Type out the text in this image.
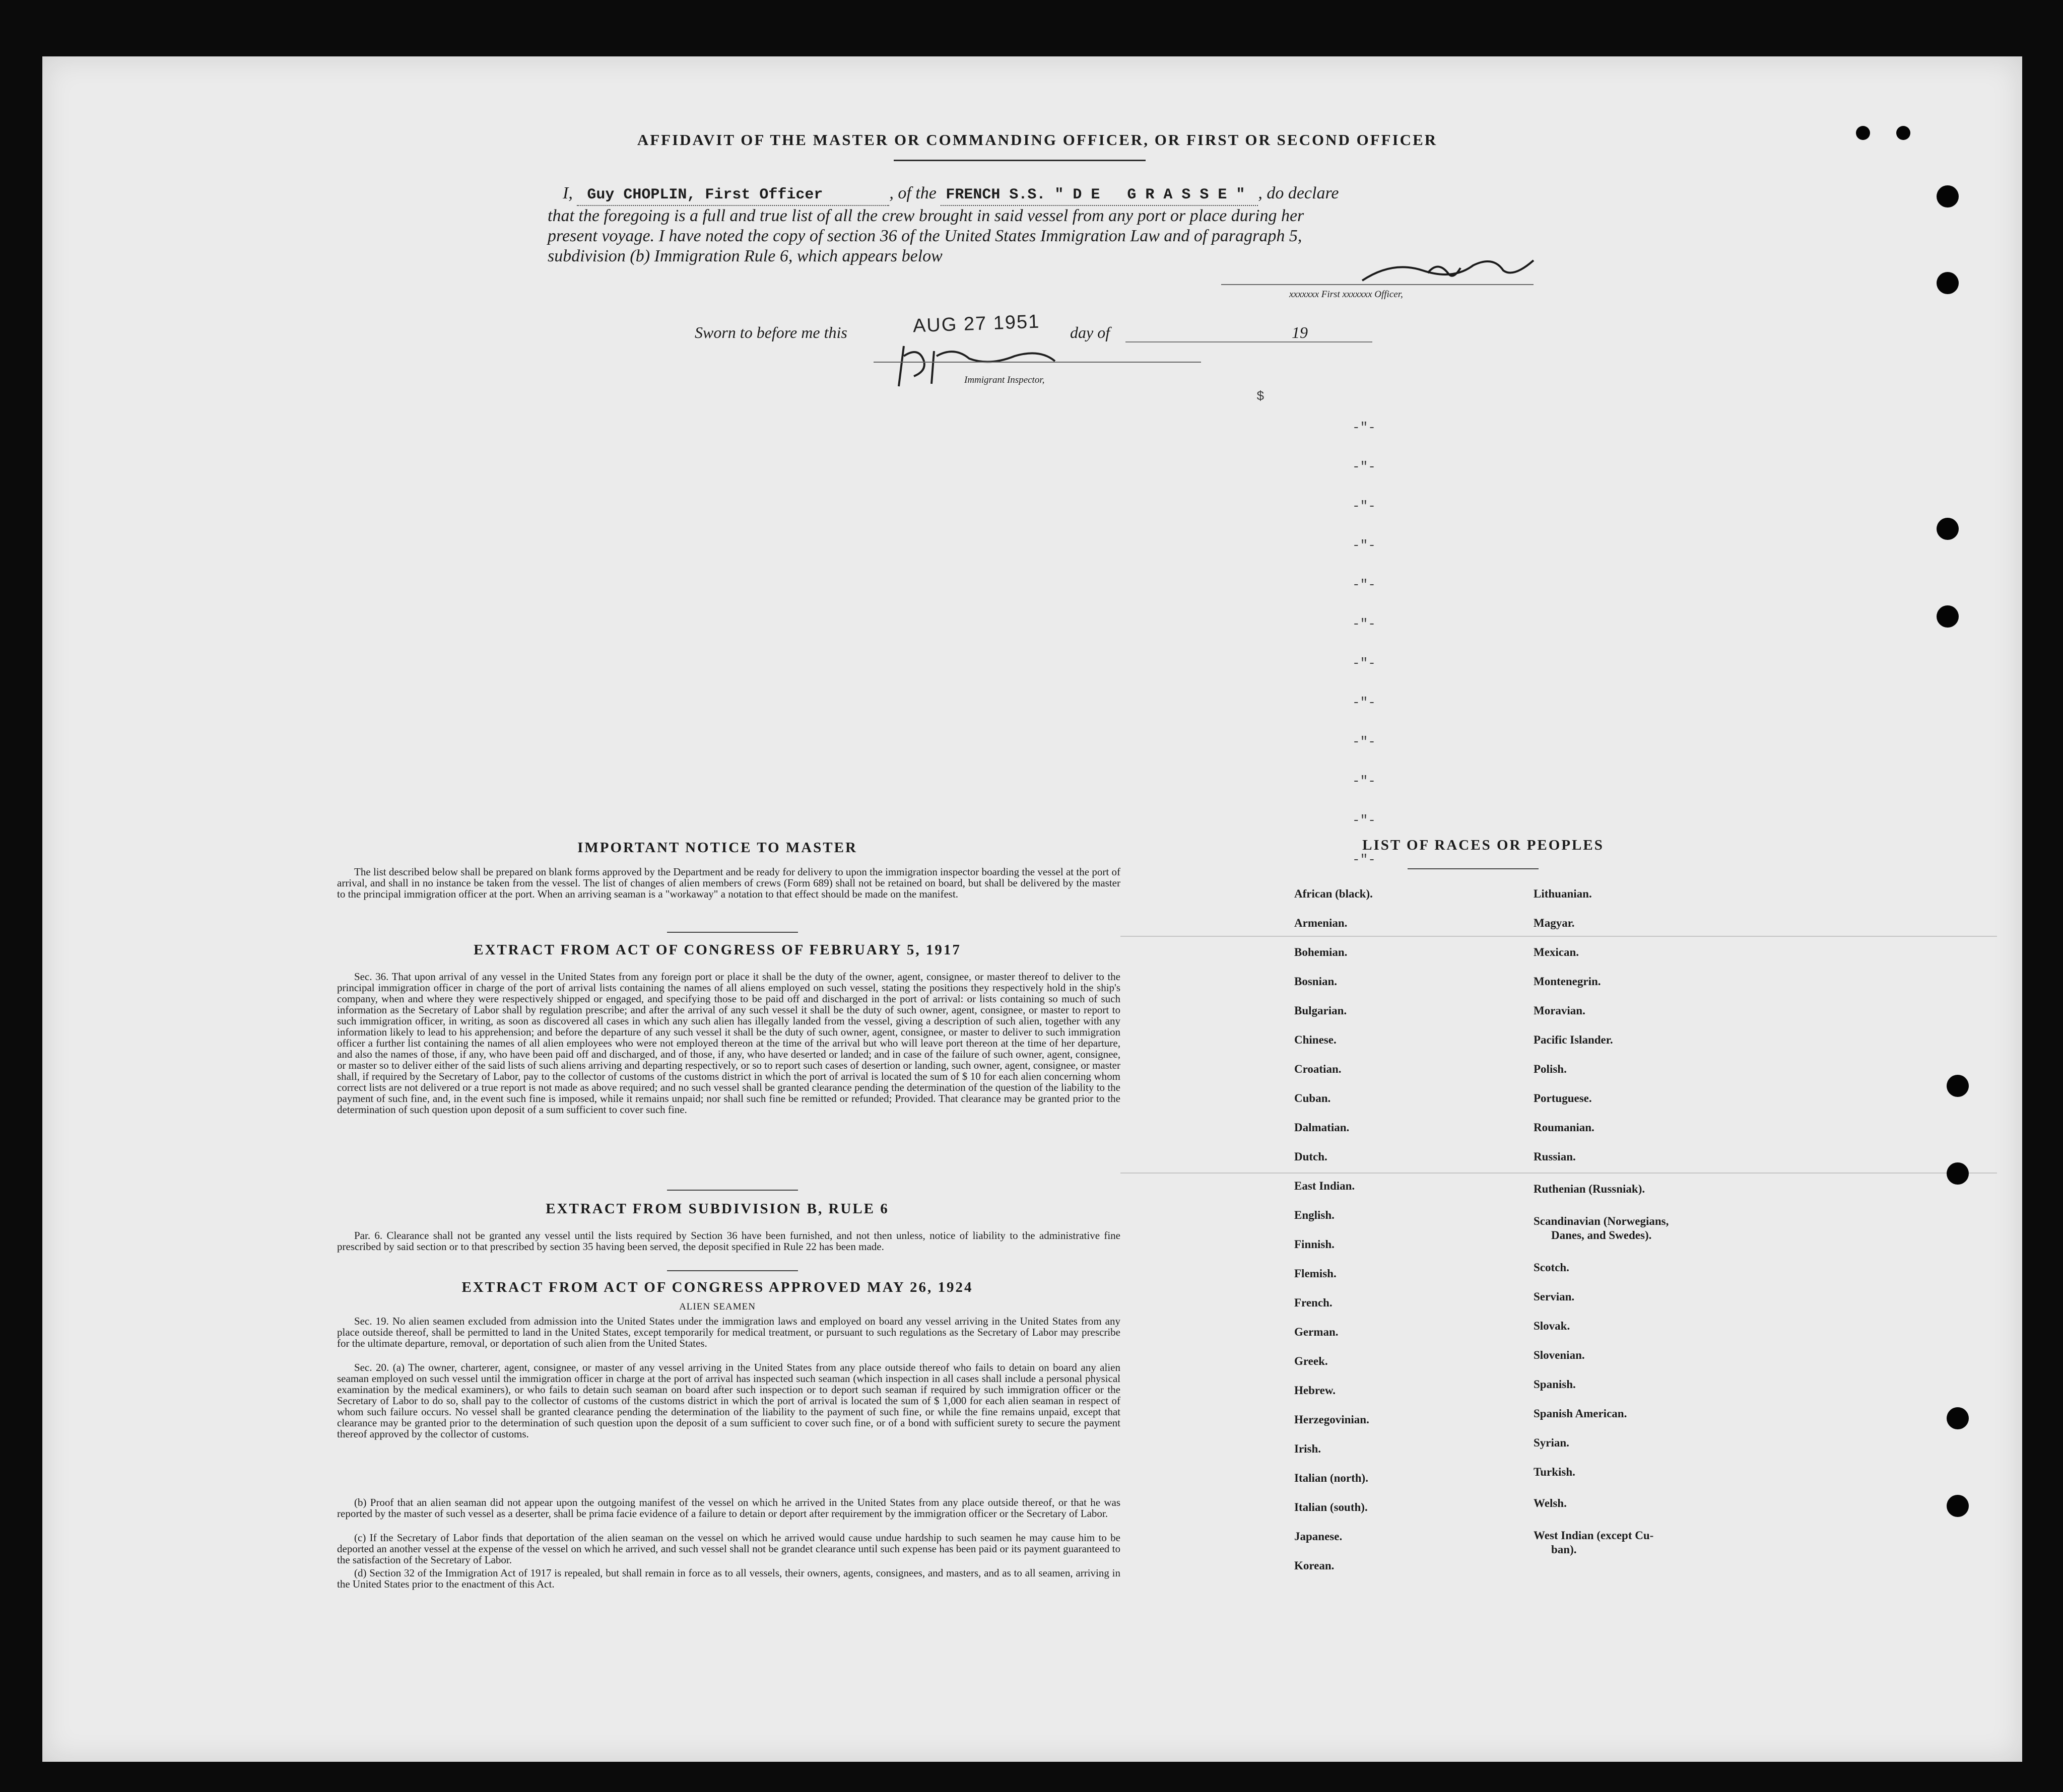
AFFIDAVIT OF THE MASTER OR COMMANDING OFFICER, OR FIRST OR SECOND OFFICER
I, Guy CHOPLIN, First Officer	, of the FRENCH S.S. " D E   G R A S S E " , do declare
that the foregoing is a full and true list of all the crew brought in said vessel from any port or place during her
present voyage. I have noted the copy of section 36 of the United States Immigration Law and of paragraph 5,
subdivision (b) Immigration Rule 6, which appears below
xxxxxxx First xxxxxxx Officer,
Sworn to before me this	AUG 27 1951 day of	19
Immigrant Inspector,
$
-"-
-"-
-"-
-"-
-"-
-"-
-"-
-"-
-"-
-"-
-"-
-"-
IMPORTANT NOTICE TO MASTER
The list described below shall be prepared on blank forms approved by the Department and be ready for delivery to upon the immigration inspector boarding the vessel at the port of arrival, and shall in no instance be taken from the vessel. The list of changes of alien members of crews (Form 689) shall not be retained on board, but shall be delivered by the master to the principal immigration officer at the port. When an arriving seaman is a "workaway" a notation to that effect should be made on the manifest.
EXTRACT FROM ACT OF CONGRESS OF FEBRUARY 5, 1917
Sec. 36. That upon arrival of any vessel in the United States from any foreign port or place it shall be the duty of the owner, agent, consignee, or master thereof to deliver to the principal immigration officer in charge of the port of arrival lists containing the names of all aliens employed on such vessel, stating the positions they respectively hold in the ship's company, when and where they were respectively shipped or engaged, and specifying those to be paid off and discharged in the port of arrival: or lists containing so much of such information as the Secretary of Labor shall by regulation prescribe; and after the arrival of any such vessel it shall be the duty of such owner, agent, consignee, or master to report to such immigration officer, in writing, as soon as discovered all cases in which any such alien has illegally landed from the vessel, giving a description of such alien, together with any information likely to lead to his apprehension; and before the departure of any such vessel it shall be the duty of such owner, agent, consignee, or master to deliver to such immigration officer a further list containing the names of all alien employees who were not employed thereon at the time of the arrival but who will leave port thereon at the time of her departure, and also the names of those, if any, who have been paid off and discharged, and of those, if any, who have deserted or landed; and in case of the failure of such owner, agent, consignee, or master so to deliver either of the said lists of such aliens arriving and departing respectively, or so to report such cases of desertion or landing, such owner, agent, consignee, or master shall, if required by the Secretary of Labor, pay to the collector of customs of the customs district in which the port of arrival is located the sum of $ 10 for each alien concerning whom correct lists are not delivered or a true report is not made as above required; and no such vessel shall be granted clearance pending the determination of the question of the liability to the payment of such fine, and, in the event such fine is imposed, while it remains unpaid; nor shall such fine be remitted or refunded; Provided. That clearance may be granted prior to the determination of such question upon deposit of a sum sufficient to cover such fine.
EXTRACT FROM SUBDIVISION B, RULE 6
Par. 6. Clearance shall not be granted any vessel until the lists required by Section 36 have been furnished, and not then unless, notice of liability to the administrative fine prescribed by said section or to that prescribed by section 35 having been served, the deposit specified in Rule 22 has been made.
EXTRACT FROM ACT OF CONGRESS APPROVED MAY 26, 1924
ALIEN SEAMEN
Sec. 19. No alien seamen excluded from admission into the United States under the immigration laws and employed on board any vessel arriving in the United States from any place outside thereof, shall be permitted to land in the United States, except temporarily for medical treatment, or pursuant to such regulations as the Secretary of Labor may prescribe for the ultimate departure, removal, or deportation of such alien from the United States.
Sec. 20. (a) The owner, charterer, agent, consignee, or master of any vessel arriving in the United States from any place outside thereof who fails to detain on board any alien seaman employed on such vessel until the immigration officer in charge at the port of arrival has inspected such seaman (which inspection in all cases shall include a personal physical examination by the medical examiners), or who fails to detain such seaman on board after such inspection or to deport such seaman if required by such immigration officer or the Secretary of Labor to do so, shall pay to the collector of customs of the customs district in which the port of arrival is located the sum of $ 1,000 for each alien seaman in respect of whom such failure occurs. No vessel shall be granted clearance pending the determination of the liability to the payment of such fine, or while the fine remains unpaid, except that clearance may be granted prior to the determination of such question upon the deposit of a sum sufficient to cover such fine, or of a bond with sufficient surety to secure the payment thereof approved by the collector of customs.
(b) Proof that an alien seaman did not appear upon the outgoing manifest of the vessel on which he arrived in the United States from any place outside thereof, or that he was reported by the master of such vessel as a deserter, shall be prima facie evidence of a failure to detain or deport after requirement by the immigration officer or the Secretary of Labor.
(c) If the Secretary of Labor finds that deportation of the alien seaman on the vessel on which he arrived would cause undue hardship to such seamen he may cause him to be deported an another vessel at the expense of the vessel on which he arrived, and such vessel shall not be grandet clearance until such expense has been paid or its payment guaranteed to the satisfaction of the Secretary of Labor.
(d) Section 32 of the Immigration Act of 1917 is repealed, but shall remain in force as to all vessels, their owners, agents, consignees, and masters, and as to all seamen, arriving in the United States prior to the enactment of this Act.
LIST OF RACES OR PEOPLES
African (black).
Armenian.
Bohemian.
Bosnian.
Bulgarian.
Chinese.
Croatian.
Cuban.
Dalmatian.
Dutch.
East Indian.
English.
Finnish.
Flemish.
French.
German.
Greek.
Hebrew.
Herzegovinian.
Irish.
Italian (north).
Italian (south).
Japanese.
Korean.
Lithuanian.
Magyar.
Mexican.
Montenegrin.
Moravian.
Pacific Islander.
Polish.
Portuguese.
Roumanian.
Russian.
Ruthenian (Russniak).
Scandinavian (Norwegians,
Danes, and Swedes).
Scotch.
Servian.
Slovak.
Slovenian.
Spanish.
Spanish American.
Syrian.
Turkish.
Welsh.
West Indian (except Cu-
ban).
